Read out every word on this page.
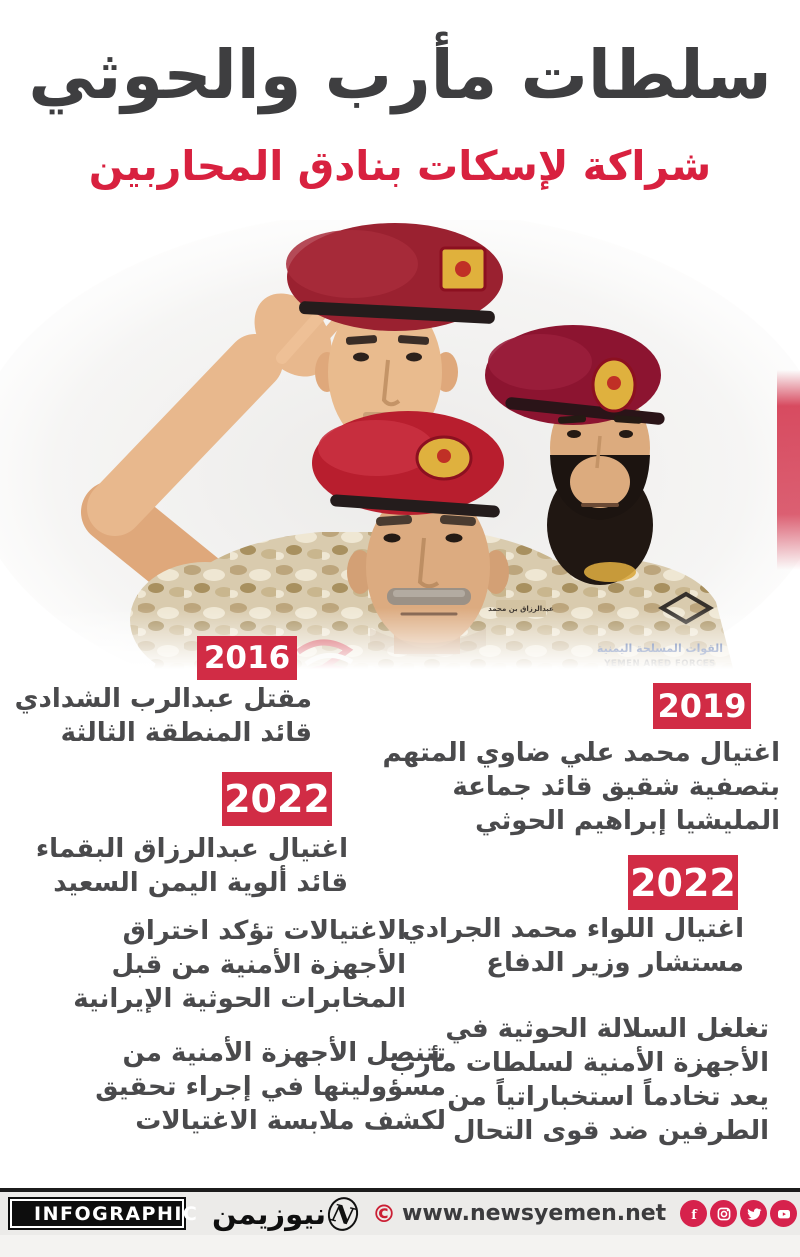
سلطات مأرب والحوثي
شراكة لإسكات بنادق المحاربين
2016
2019
2022
2022
مقتل عبدالرب الشدادي
قائد المنطقة الثالثة
اغتيال محمد علي ضاوي المتهم
بتصفية شقيق قائد جماعة
المليشيا إبراهيم الحوثي
اغتيال عبدالرزاق البقماء
قائد ألوية اليمن السعيد
اغتيال اللواء محمد الجرادي
مستشار وزير الدفاع
الاغتيالات تؤكد اختراق
الأجهزة الأمنية من قبل
المخابرات الحوثية الإيرانية
تتنصل الأجهزة الأمنية من
مسؤوليتها في إجراء تحقيق
لكشف ملابسة الاغتيالات
تغلغل السلالة الحوثية في
الأجهزة الأمنية لسلطات مأرب
يعد تخادماً استخباراتياً من
الطرفين ضد قوى التحال
INFOGRAPHIC نيوزيمن N © www.newsyemen.net f
